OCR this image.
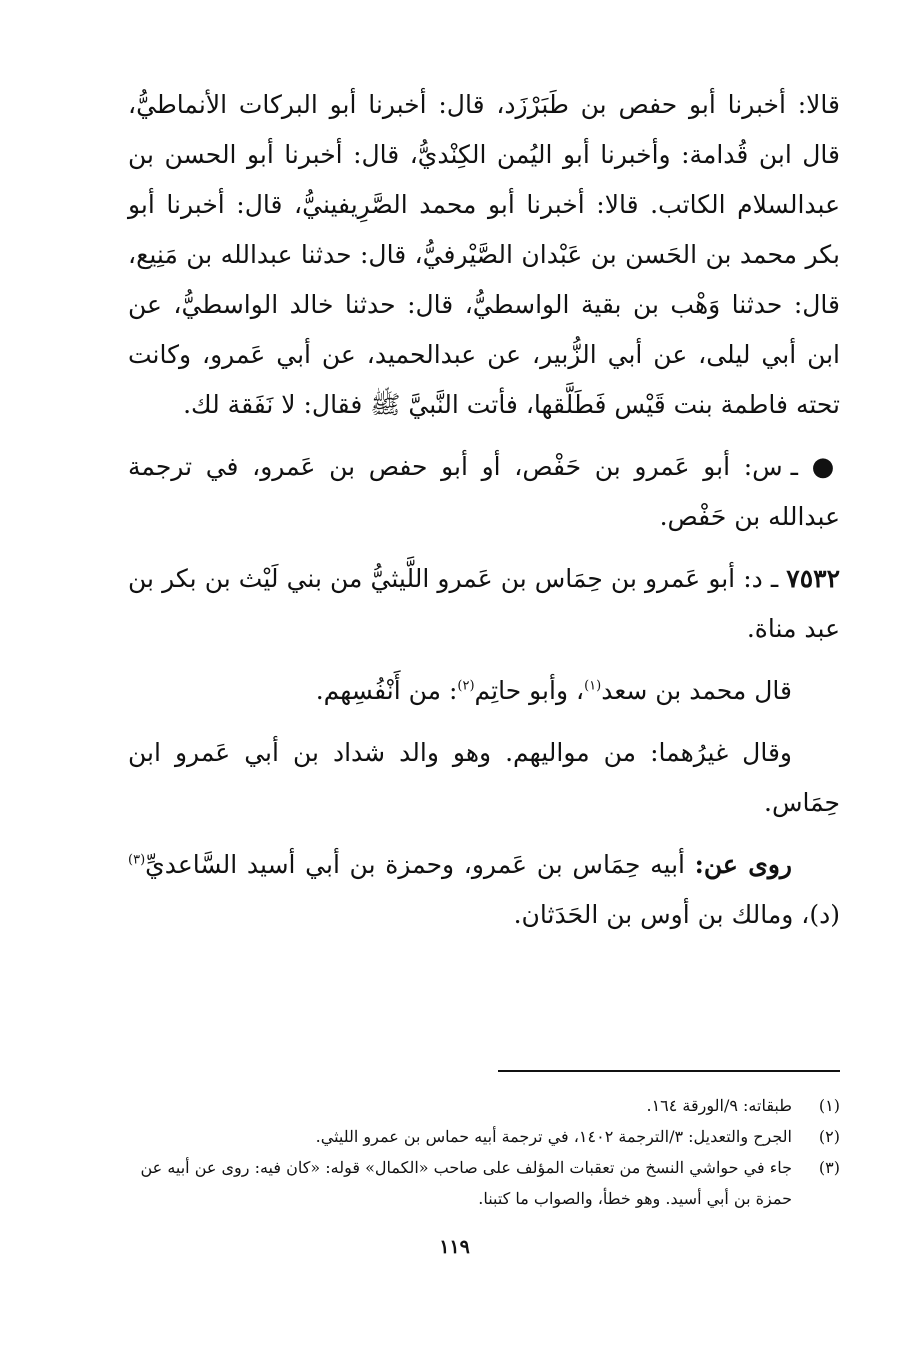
قالا: أخبرنا أبو حفص بن طَبَرْزَد، قال: أخبرنا أبو البركات الأنماطيُّ، قال ابن قُدامة: وأخبرنا أبو اليُمن الكِنْديُّ، قال: أخبرنا أبو الحسن بن عبدالسلام الكاتب. قالا: أخبرنا أبو محمد الصَّرِيفينيُّ، قال: أخبرنا أبو بكر محمد بن الحَسن بن عَبْدان الصَّيْرفيُّ، قال: حدثنا عبدالله بن مَنِيع، قال: حدثنا وَهْب بن بقية الواسطيُّ، قال: حدثنا خالد الواسطيُّ، عن ابن أبي ليلى، عن أبي الزُّبير، عن عبدالحميد، عن أبي عَمرو، وكانت تحته فاطمة بنت قَيْس فَطَلَّقها، فأتت النَّبيَّ ﷺ فقال: لا نَفَقة لك.

● ـ س: أبو عَمرو بن حَفْص، أو أبو حفص بن عَمرو، في ترجمة عبدالله بن حَفْص.

٧٥٣٢ ـ د: أبو عَمرو بن حِمَاس بن عَمرو اللَّيثيُّ من بني لَيْث بن بكر بن عبد مناة.

قال محمد بن سعد$^{(١)}$، وأبو حاتِم$^{(٢)}$: من أَنْفُسِهم.

وقال غيرُهما: من مواليهم. وهو والد شداد بن أبي عَمرو ابن حِمَاس.

روى عن: أبيه حِمَاس بن عَمرو، وحمزة بن أبي أسيد السَّاعديِّ$^{(٣)}$ (د)، ومالك بن أوس بن الحَدَثان.

(١)
طبقاته: ٩/الورقة ١٦٤.
(٢)
الجرح والتعديل: ٣/الترجمة ١٤٠٢، في ترجمة أبيه حماس بن عمرو الليثي.
(٣)
جاء في حواشي النسخ من تعقبات المؤلف على صاحب «الكمال» قوله: «كان فيه: روى عن أبيه عن حمزة بن أبي أسيد. وهو خطأ، والصواب ما كتبنا.
١١٩
